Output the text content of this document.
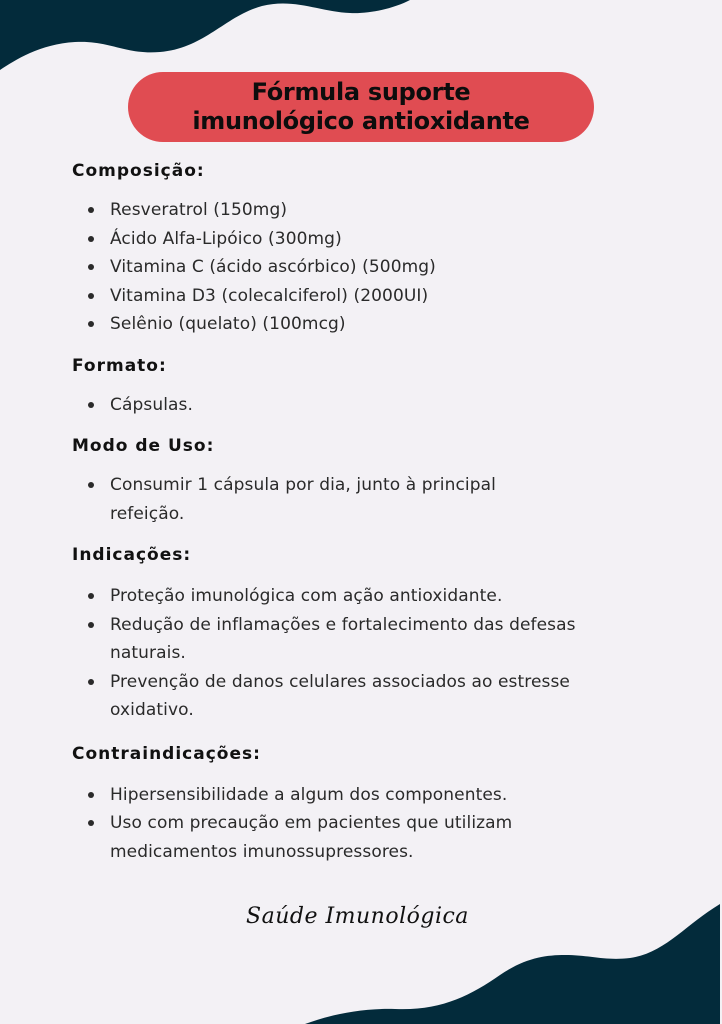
Fórmula suporte
imunológico antioxidante
Composição:
Resveratrol (150mg)
Ácido Alfa-Lipóico (300mg)
Vitamina C (ácido ascórbico) (500mg)
Vitamina D3 (colecalciferol) (2000UI)
Selênio (quelato) (100mcg)
Formato:
Cápsulas.
Modo de Uso:
Consumir 1 cápsula por dia, junto à principal refeição.
Indicações:
Proteção imunológica com ação antioxidante.
Redução de inflamações e fortalecimento das defesas naturais.
Prevenção de danos celulares associados ao estresse oxidativo.
Contraindicações:
Hipersensibilidade a algum dos componentes.
Uso com precaução em pacientes que utilizam medicamentos imunossupressores.
Saúde Imunológica
